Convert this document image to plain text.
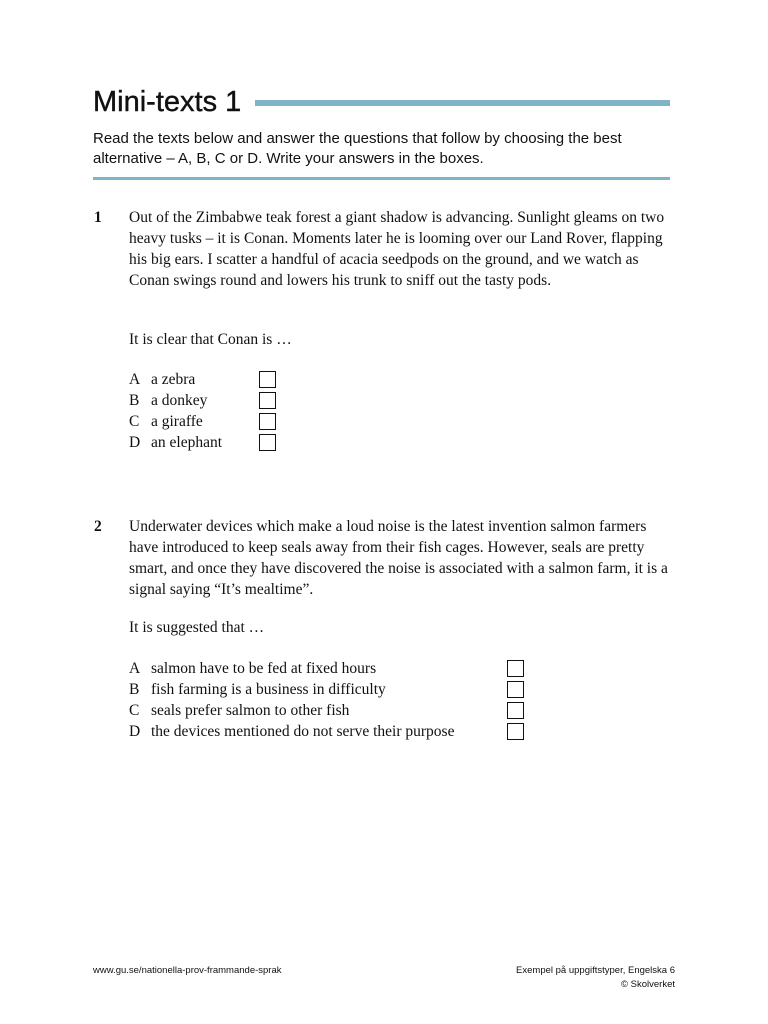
Mini-texts 1
Read the texts below and answer the questions that follow by choosing the best alternative – A, B, C or D. Write your answers in the boxes.
1 Out of the Zimbabwe teak forest a giant shadow is advancing. Sunlight gleams on two heavy tusks – it is Conan. Moments later he is looming over our Land Rover, flapping his big ears. I scatter a handful of acacia seedpods on the ground, and we watch as Conan swings round and lowers his trunk to sniff out the tasty pods.
It is clear that Conan is …
A a zebra
B a donkey
C a giraffe
D an elephant
2 Underwater devices which make a loud noise is the latest invention salmon farmers have introduced to keep seals away from their fish cages. However, seals are pretty smart, and once they have discovered the noise is associated with a salmon farm, it is a signal saying “It’s mealtime”.
It is suggested that …
A salmon have to be fed at fixed hours
B fish farming is a business in difficulty
C seals prefer salmon to other fish
D the devices mentioned do not serve their purpose
www.gu.se/nationella-prov-frammande-sprak	Exempel på uppgiftstyper, Engelska 6
© Skolverket
